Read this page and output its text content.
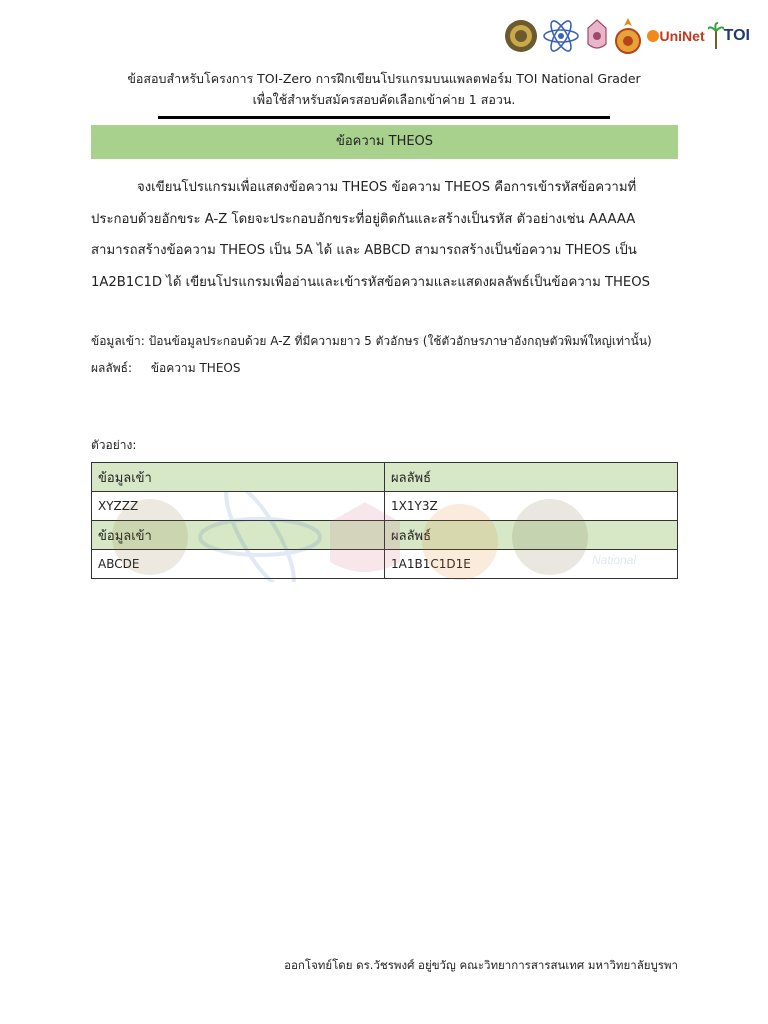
UniNet TOI
ข้อสอบสำหรับโครงการ TOI-Zero การฝึกเขียนโปรแกรมบนแพลตฟอร์ม TOI National Grader
เพื่อใช้สำหรับสมัครสอบคัดเลือกเข้าค่าย 1 สอวน.
ข้อความ THEOS

จงเขียนโปรแกรมเพื่อแสดงข้อความ THEOS ข้อความ THEOS คือการเข้ารหัสข้อความที่ประกอบด้วยอักขระ A-Z โดยจะประกอบอักขระที่อยู่ติดกันและสร้างเป็นรหัส ตัวอย่างเช่น AAAAA สามารถสร้างข้อความ THEOS เป็น 5A ได้ และ ABBCD สามารถสร้างเป็นข้อความ THEOS เป็น 1A2B1C1D ได้ เขียนโปรแกรมเพื่ออ่านและเข้ารหัสข้อความและแสดงผลลัพธ์เป็นข้อความ THEOS

ข้อมูลเข้า: ป้อนข้อมูลประกอบด้วย A-Z ที่มีความยาว 5 ตัวอักษร (ใช้ตัวอักษรภาษาอังกฤษตัวพิมพ์ใหญ่เท่านั้น)
ผลลัพธ์: ข้อความ THEOS
ตัวอย่าง:
ข้อมูลเข้า	ผลลัพธ์
XYZZZ	1X1Y3Z
ข้อมูลเข้า	ผลลัพธ์
ABCDE	1A1B1C1D1E
ออกโจทย์โดย ดร.วัชรพงศ์ อยู่ขวัญ คณะวิทยาการสารสนเทศ มหาวิทยาลัยบูรพา
